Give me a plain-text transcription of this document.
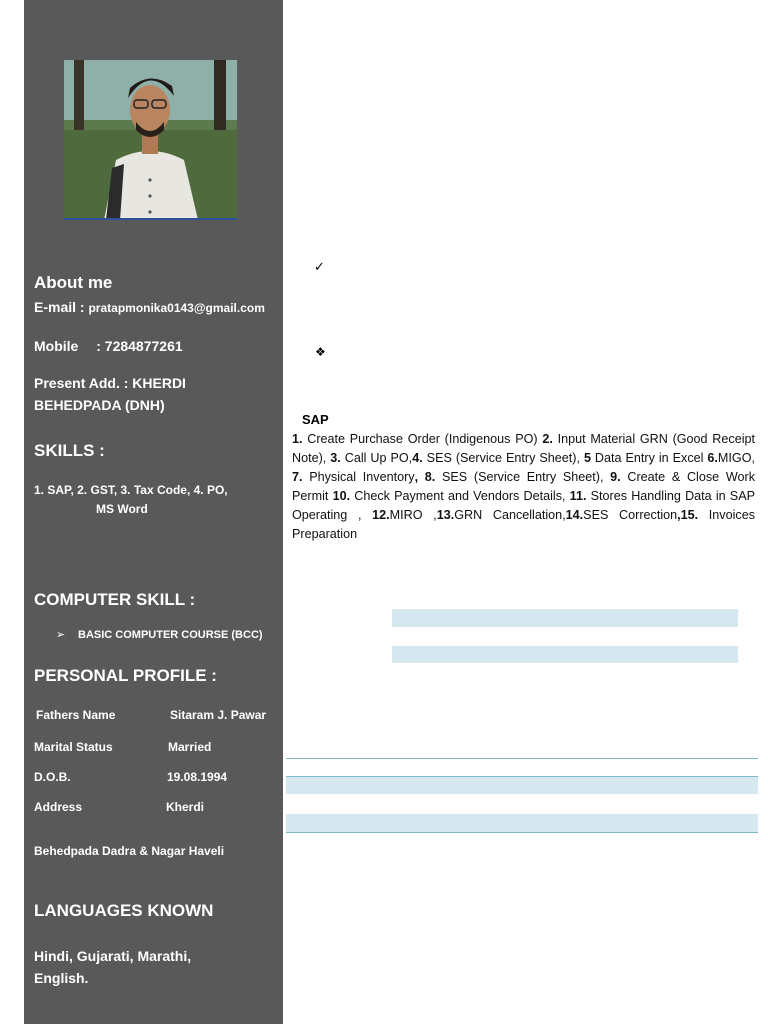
About me
E-mail : pratapmonika0143@gmail.com
Mobile : 7284877261
Present Add. : KHERDI
BEHEDPADA (DNH)
SKILLS :
1. SAP, 2. GST, 3. Tax Code, 4. PO,
MS Word
COMPUTER SKILL :
➢ BASIC COMPUTER COURSE (BCC)
PERSONAL PROFILE :
Fathers Name	Sitaram J. Pawar
Marital Status	Married
D.O.B.	19.08.1994
Address	Kherdi
Behedpada Dadra & Nagar Haveli
LANGUAGES KNOWN
Hindi, Gujarati, Marathi,
English.
✓
❖
SAP
1. Create Purchase Order (Indigenous PO) 2. Input Material GRN (Good Receipt Note), 3. Call Up PO,4. SES (Service Entry Sheet), 5 Data Entry in Excel 6.MIGO, 7. Physical Inventory, 8. SES (Service Entry Sheet), 9. Create & Close Work Permit 10. Check Payment and Vendors Details, 11. Stores Handling Data in SAP Operating , 12.MIRO ,13.GRN Cancellation,14.SES Correction,15. Invoices Preparation
